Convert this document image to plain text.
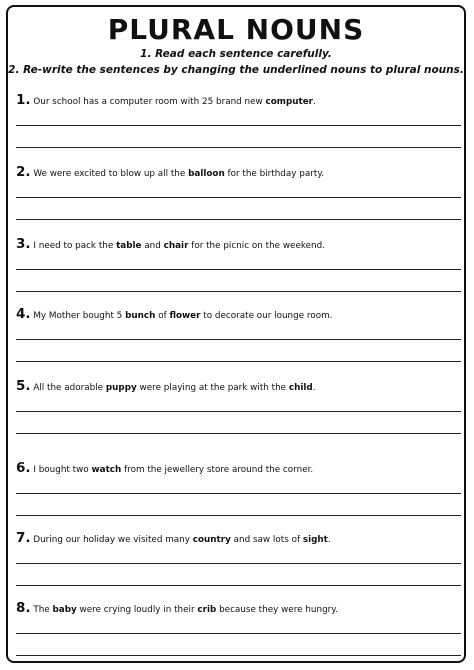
PLURAL NOUNS

1. Read each sentence carefully.

2. Re-write the sentences by changing the underlined nouns to plural nouns.

1. Our school has a computer room with 25 brand new computer.
2. We were excited to blow up all the balloon for the birthday party.
3. I need to pack the table and chair for the picnic on the weekend.
4. My Mother bought 5 bunch of flower to decorate our lounge room.
5. All the adorable puppy were playing at the park with the child.
6. I bought two watch from the jewellery store around the corner.
7. During our holiday we visited many country and saw lots of sight.
8. The baby were crying loudly in their crib because they were hungry.
